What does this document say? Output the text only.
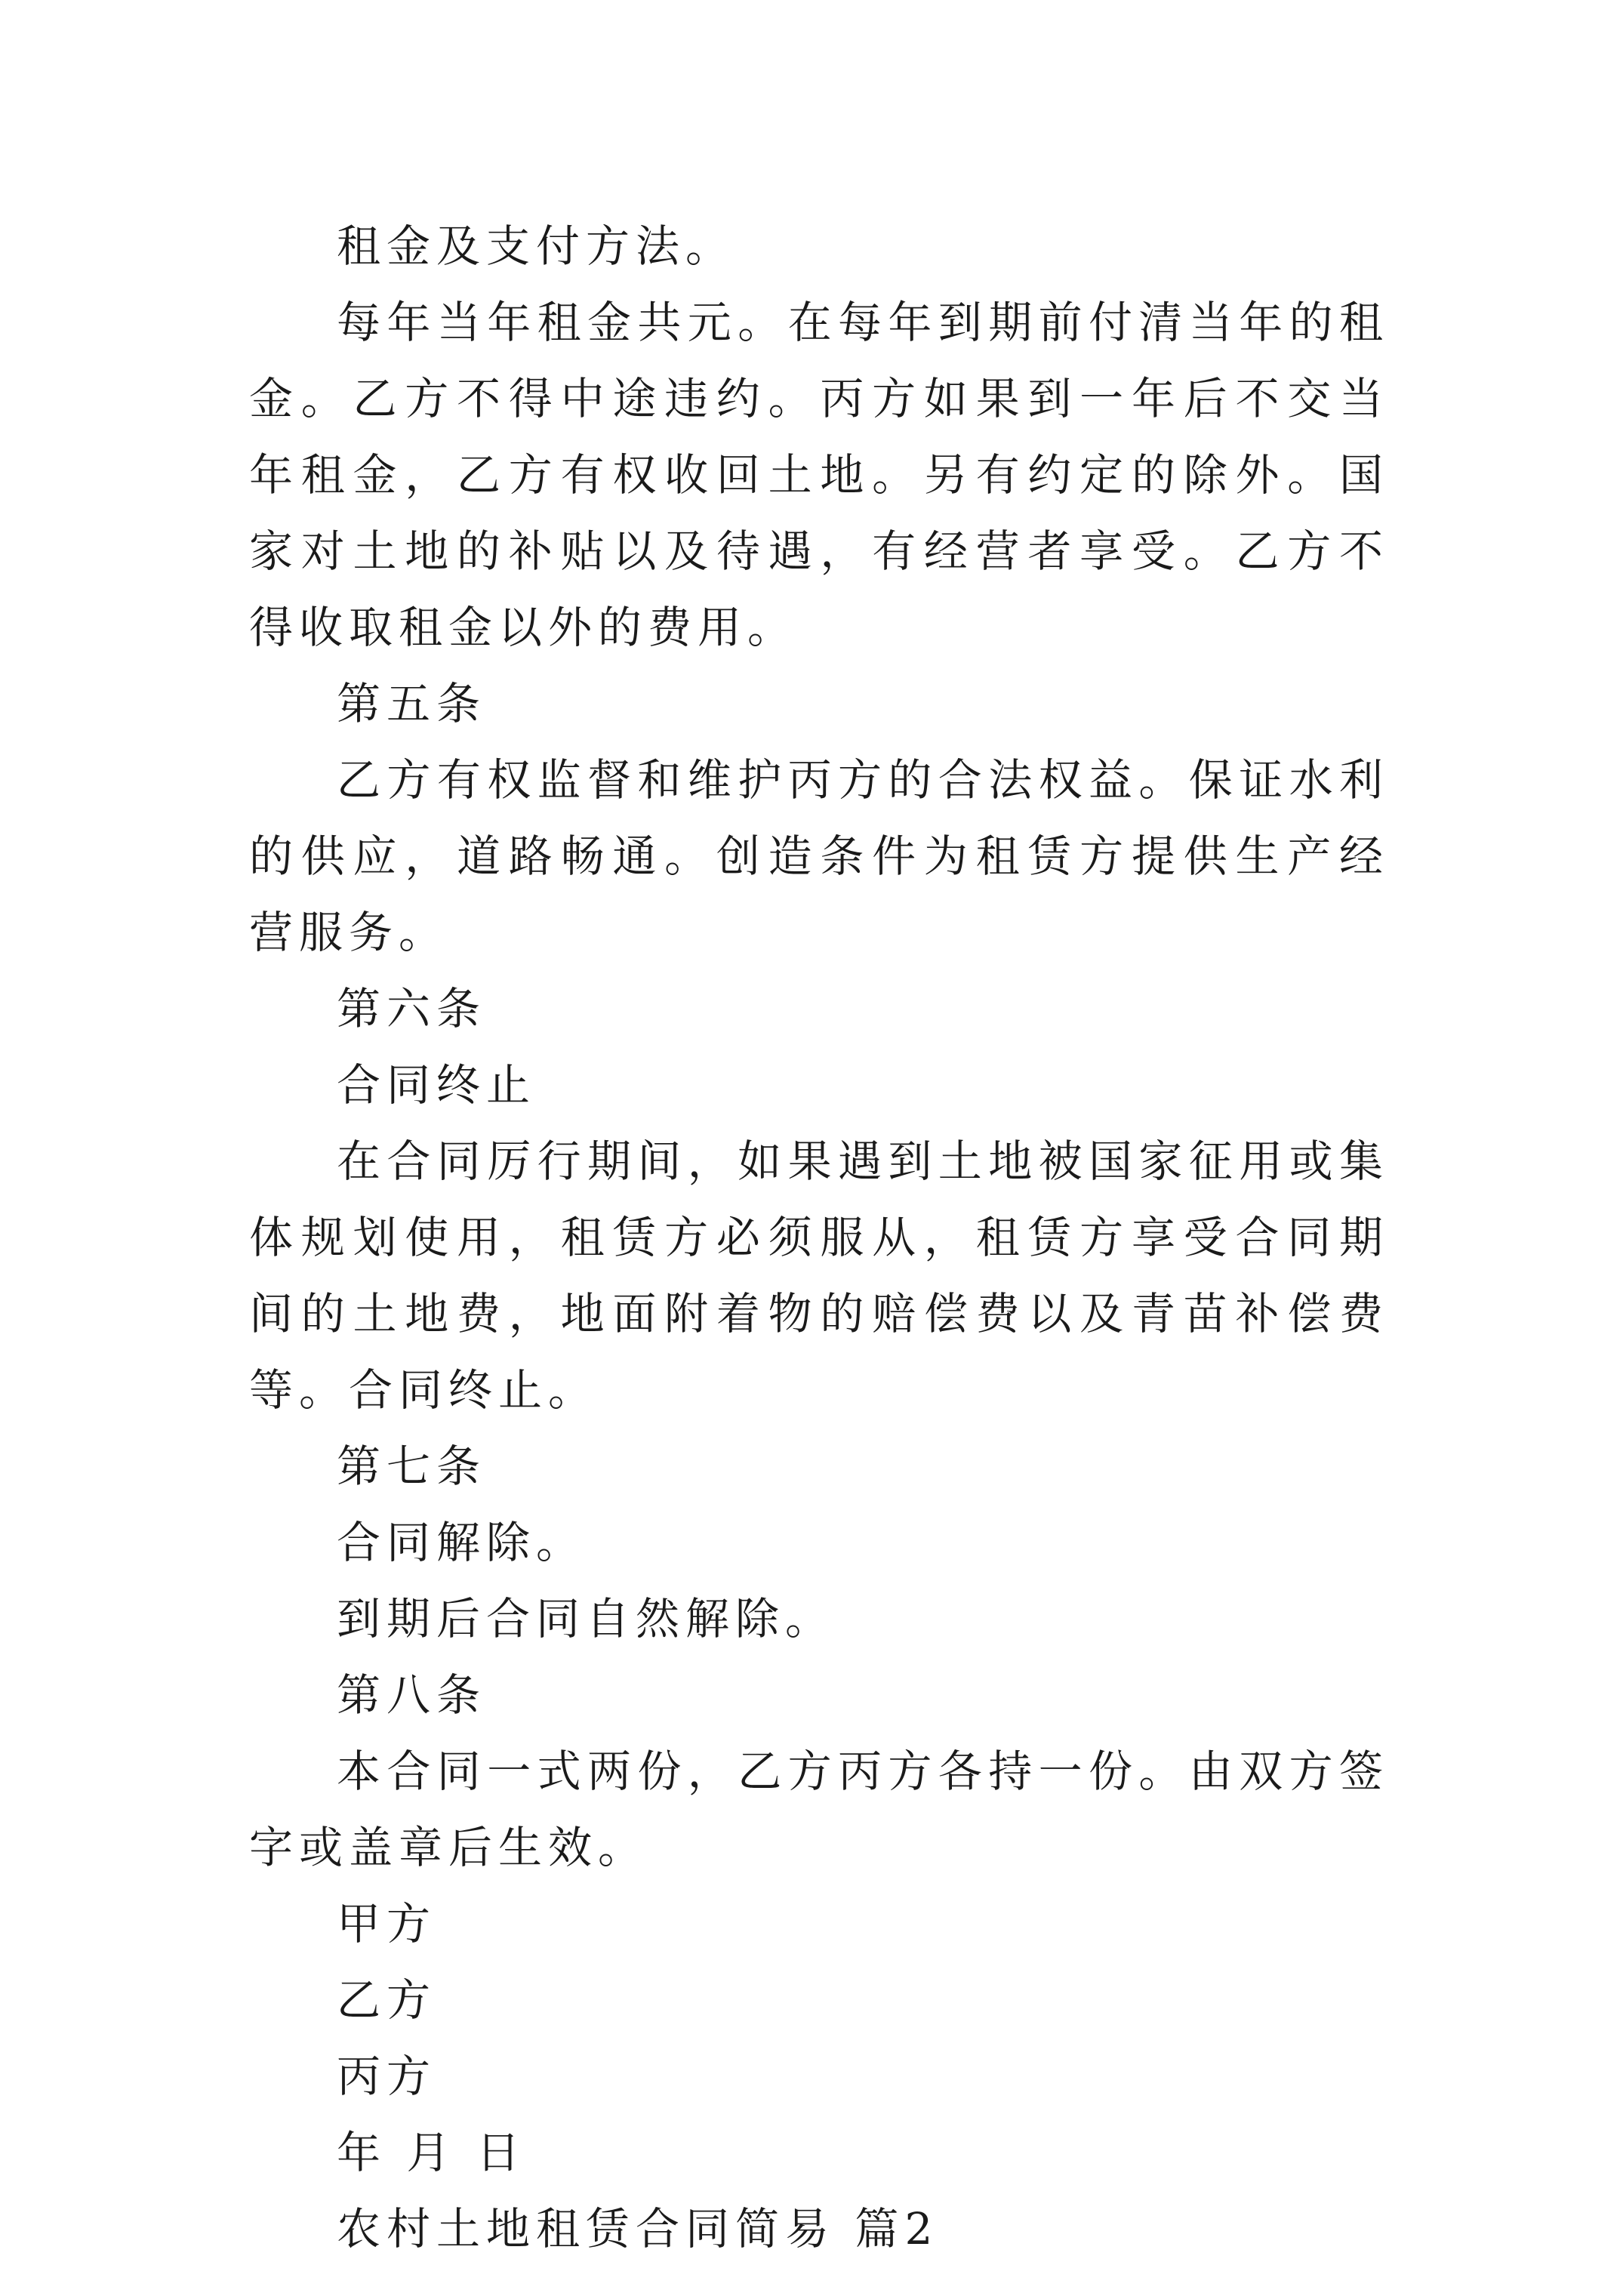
租金及支付方法。

每年当年租金共元。在每年到期前付清当年的租金。乙方不得中途违约。丙方如果到一年后不交当年租金，乙方有权收回土地。另有约定的除外。国家对土地的补贴以及待遇，有经营者享受。乙方不得收取租金以外的费用。

第五条

乙方有权监督和维护丙方的合法权益。保证水利的供应，道路畅通。创造条件为租赁方提供生产经营服务。

第六条

合同终止

在合同厉行期间，如果遇到土地被国家征用或集体规划使用，租赁方必须服从，租赁方享受合同期间的土地费，地面附着物的赔偿费以及青苗补偿费等。合同终止。

第七条

合同解除。

到期后合同自然解除。

第八条

本合同一式两份，乙方丙方各持一份。由双方签字或盖章后生效。

甲方

乙方

丙方

年 月 日

农村土地租赁合同简易 篇2
